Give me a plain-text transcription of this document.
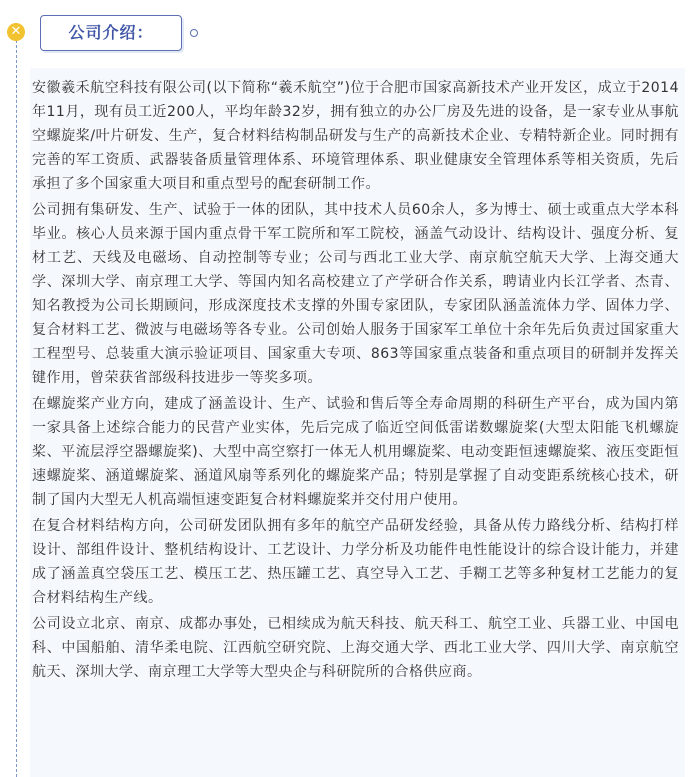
✕	公司介绍：

安徽羲禾航空科技有限公司(以下简称“羲禾航空”)位于合肥市国家高新技术产业开发区，成立于2014年11月，现有员工近200人，平均年龄32岁，拥有独立的办公厂房及先进的设备，是一家专业从事航空螺旋桨/叶片研发、生产，复合材料结构制品研发与生产的高新技术企业、专精特新企业。同时拥有完善的军工资质、武器装备质量管理体系、环境管理体系、职业健康安全管理体系等相关资质，先后承担了多个国家重大项目和重点型号的配套研制工作。

公司拥有集研发、生产、试验于一体的团队，其中技术人员60余人，多为博士、硕士或重点大学本科毕业。核心人员来源于国内重点骨干军工院所和军工院校，涵盖气动设计、结构设计、强度分析、复材工艺、天线及电磁场、自动控制等专业；公司与西北工业大学、南京航空航天大学、上海交通大学、深圳大学、南京理工大学、等国内知名高校建立了产学研合作关系，聘请业内长江学者、杰青、知名教授为公司长期顾问，形成深度技术支撑的外围专家团队，专家团队涵盖流体力学、固体力学、复合材料工艺、微波与电磁场等各专业。公司创始人服务于国家军工单位十余年先后负责过国家重大工程型号、总装重大演示验证项目、国家重大专项、863等国家重点装备和重点项目的研制并发挥关键作用，曾荣获省部级科技进步一等奖多项。

在螺旋桨产业方向，建成了涵盖设计、生产、试验和售后等全寿命周期的科研生产平台，成为国内第一家具备上述综合能力的民营产业实体，先后完成了临近空间低雷诺数螺旋桨(大型太阳能飞机螺旋桨、平流层浮空器螺旋桨)、大型中高空察打一体无人机用螺旋桨、电动变距恒速螺旋桨、液压变距恒速螺旋桨、涵道螺旋桨、涵道风扇等系列化的螺旋桨产品；特别是掌握了自动变距系统核心技术，研制了国内大型无人机高端恒速变距复合材料螺旋桨并交付用户使用。

在复合材料结构方向，公司研发团队拥有多年的航空产品研发经验，具备从传力路线分析、结构打样设计、部组件设计、整机结构设计、工艺设计、力学分析及功能件电性能设计的综合设计能力，并建成了涵盖真空袋压工艺、模压工艺、热压罐工艺、真空导入工艺、手糊工艺等多种复材工艺能力的复合材料结构生产线。

公司设立北京、南京、成都办事处，已相续成为航天科技、航天科工、航空工业、兵器工业、中国电科、中国船舶、清华柔电院、江西航空研究院、上海交通大学、西北工业大学、四川大学、南京航空航天、深圳大学、南京理工大学等大型央企与科研院所的合格供应商。
